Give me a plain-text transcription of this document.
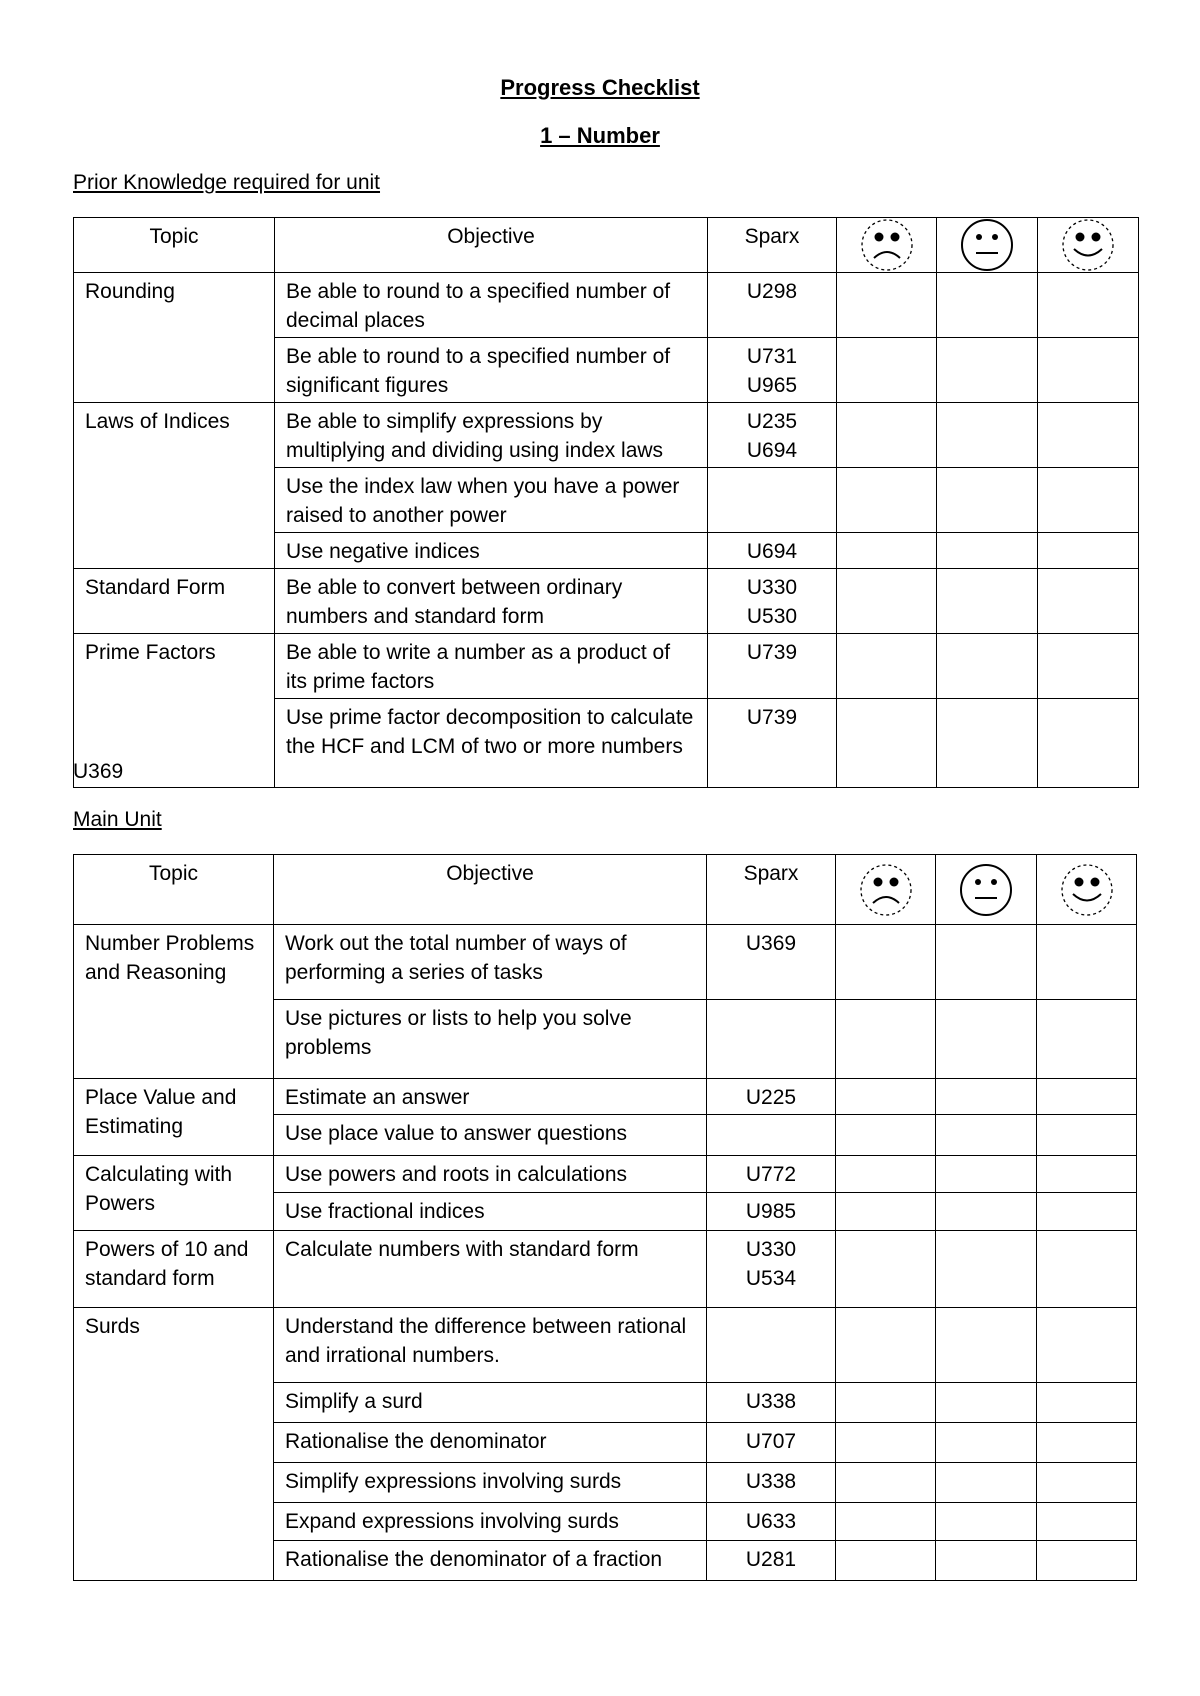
Progress Checklist
1 – Number
Prior Knowledge required for unit
Topic	Objective	Sparx	

Rounding	Be able to round to a specified number of decimal places	U298			

	Be able to round to a specified number of significant figures	U731
U965			

Laws of Indices	Be able to simplify expressions by multiplying and dividing using index laws	U235
U694			

	Use the index law when you have a power raised to another power				
	Use negative indices	U694			

Standard Form	Be able to convert between ordinary numbers and standard form	U330
U530			

Prime Factors	Be able to write a number as a product of its prime factors	U739			

	Use prime factor decomposition to calculate the HCF and LCM of two or more numbers	U739			

U369
Main Unit
Topic	Objective	Sparx	

Number Problems and Reasoning	Work out the total number of ways of performing a series of tasks	U369			

	Use pictures or lists to help you solve problems				
Place Value and Estimating	Estimate an answer	U225			

	Use place value to answer questions				
Calculating with Powers	Use powers and roots in calculations	U772			

	Use fractional indices	U985			

Powers of 10 and standard form	Calculate numbers with standard form	U330
U534			

Surds	Understand the difference between rational and irrational numbers.				
	Simplify a surd	U338			

	Rationalise the denominator	U707			

	Simplify expressions involving surds	U338			

	Expand expressions involving surds	U633			

	Rationalise the denominator of a fraction	U281			
